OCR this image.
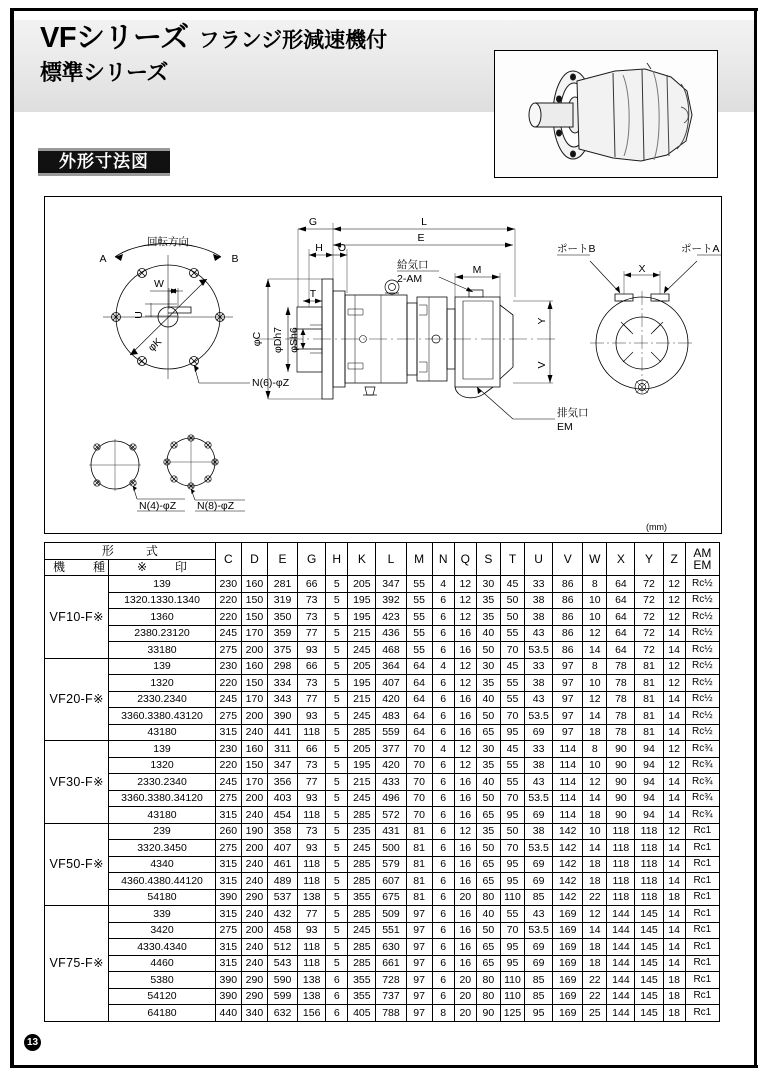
VFシリーズ フランジ形減速機付
標準シリーズ
外形寸法図
回転方向
A	B
W
U
φK
N(6)-φZ
N(4)-φZ N(8)-φZ
φC φDh7 φSh6
T
G
H O
L
E
M
Y
V
給気口
2-AM
排気口
EM
ポートB	ポートA
X
(mm)
形　式		C	D	E	G	H	K	L	M	N	Q	S	T	U	V	W	X	Y	Z	AM
EM

機　種	※　印																			
VF10-F※	139	230	160	281	66	5	205	347	55	4	12	30	45	33	86	8	64	72	12	Rc½
	1320.1330.1340	220	150	319	73	5	195	392	55	6	12	35	50	38	86	10	64	72	12	Rc½
	1360	220	150	350	73	5	195	423	55	6	12	35	50	38	86	10	64	72	12	Rc½
	2380.23120	245	170	359	77	5	215	436	55	6	16	40	55	43	86	12	64	72	14	Rc½
	33180	275	200	375	93	5	245	468	55	6	16	50	70	53.5	86	14	64	72	14	Rc½
VF20-F※	139	230	160	298	66	5	205	364	64	4	12	30	45	33	97	8	78	81	12	Rc½
	1320	220	150	334	73	5	195	407	64	6	12	35	55	38	97	10	78	81	12	Rc½
	2330.2340	245	170	343	77	5	215	420	64	6	16	40	55	43	97	12	78	81	14	Rc½
	3360.3380.43120	275	200	390	93	5	245	483	64	6	16	50	70	53.5	97	14	78	81	14	Rc½
	43180	315	240	441	118	5	285	559	64	6	16	65	95	69	97	18	78	81	14	Rc½
VF30-F※	139	230	160	311	66	5	205	377	70	4	12	30	45	33	114	8	90	94	12	Rc¾
	1320	220	150	347	73	5	195	420	70	6	12	35	55	38	114	10	90	94	12	Rc¾
	2330.2340	245	170	356	77	5	215	433	70	6	16	40	55	43	114	12	90	94	14	Rc¾
	3360.3380.34120	275	200	403	93	5	245	496	70	6	16	50	70	53.5	114	14	90	94	14	Rc¾
	43180	315	240	454	118	5	285	572	70	6	16	65	95	69	114	18	90	94	14	Rc¾
VF50-F※	239	260	190	358	73	5	235	431	81	6	12	35	50	38	142	10	118	118	12	Rc1
	3320.3450	275	200	407	93	5	245	500	81	6	16	50	70	53.5	142	14	118	118	14	Rc1
	4340	315	240	461	118	5	285	579	81	6	16	65	95	69	142	18	118	118	14	Rc1
	4360.4380.44120	315	240	489	118	5	285	607	81	6	16	65	95	69	142	18	118	118	14	Rc1
	54180	390	290	537	138	5	355	675	81	6	20	80	110	85	142	22	118	118	18	Rc1
VF75-F※	339	315	240	432	77	5	285	509	97	6	16	40	55	43	169	12	144	145	14	Rc1
	3420	275	200	458	93	5	245	551	97	6	16	50	70	53.5	169	14	144	145	14	Rc1
	4330.4340	315	240	512	118	5	285	630	97	6	16	65	95	69	169	18	144	145	14	Rc1
	4460	315	240	543	118	5	285	661	97	6	16	65	95	69	169	18	144	145	14	Rc1
	5380	390	290	590	138	6	355	728	97	6	20	80	110	85	169	22	144	145	18	Rc1
	54120	390	290	599	138	6	355	737	97	6	20	80	110	85	169	22	144	145	18	Rc1
	64180	440	340	632	156	6	405	788	97	8	20	90	125	95	169	25	144	145	18	Rc1
13
